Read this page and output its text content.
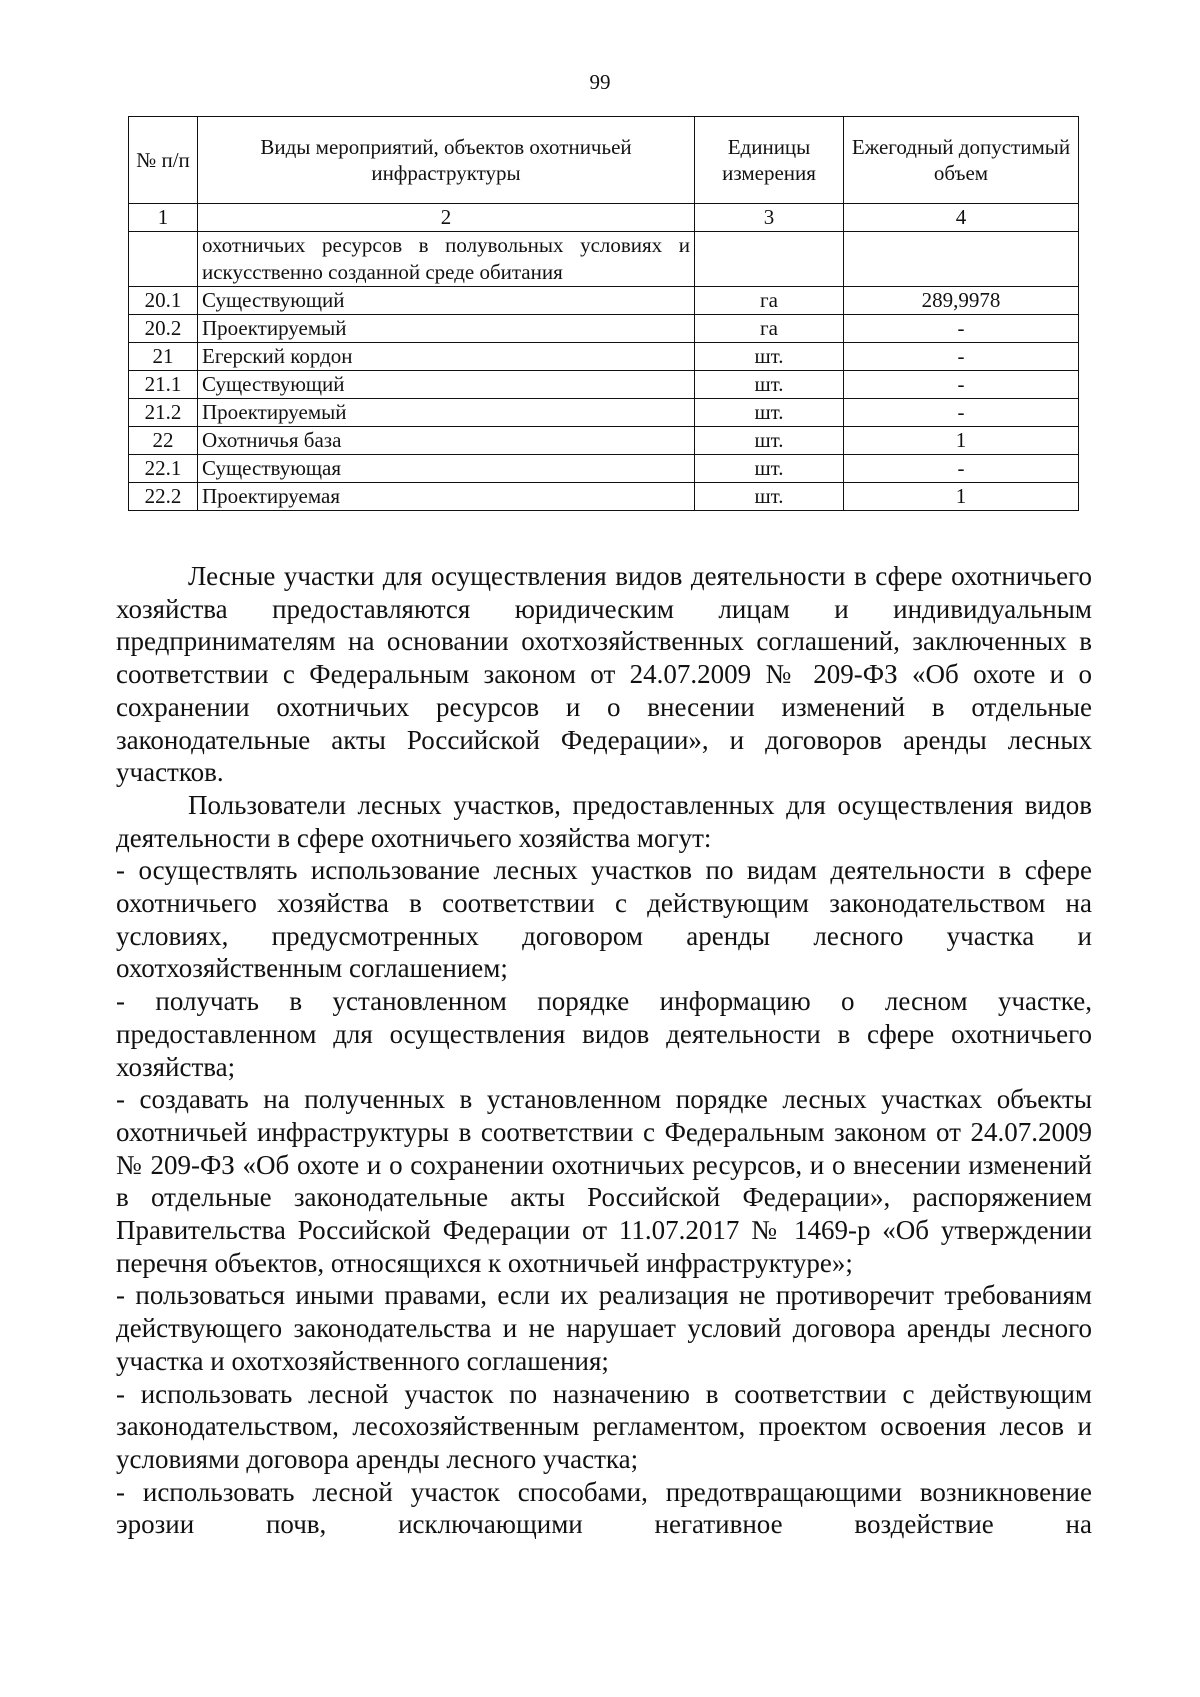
99
№ п/п	Виды мероприятий, объектов охотничьей инфраструктуры	Единицы измерения	Ежегодный допустимый объем
1	2	3	4

	охотничьих ресурсов в полувольных условиях и
искусственно созданной среде обитания		

20.1	Существующий	га	289,9978
20.2	Проектируемый	га	-
21	Егерский кордон	шт.	-
21.1	Существующий	шт.	-
21.2	Проектируемый	шт.	-
22	Охотничья база	шт.	1
22.1	Существующая	шт.	-
22.2	Проектируемая	шт.	1

Лесные участки для осуществления видов деятельности в сфере охотничьего хозяйства предоставляются юридическим лицам и индивидуальным предпринимателям на основании охотхозяйственных соглашений, заключенных в соответствии с Федеральным законом от 24.07.2009 № 209-ФЗ «Об охоте и о сохранении охотничьих ресурсов и о внесении изменений в отдельные законодательные акты Российской Федерации», и договоров аренды лесных участков.

Пользователи лесных участков, предоставленных для осуществления видов деятельности в сфере охотничьего хозяйства могут:

- осуществлять использование лесных участков по видам деятельности в сфере охотничьего хозяйства в соответствии с действующим законодательством на условиях, предусмотренных договором аренды лесного участка и охотхозяйственным соглашением;

- получать в установленном порядке информацию о лесном участке, предоставленном для осуществления видов деятельности в сфере охотничьего хозяйства;

- создавать на полученных в установленном порядке лесных участках объекты охотничьей инфраструктуры в соответствии с Федеральным законом от 24.07.2009 № 209-ФЗ «Об охоте и о сохранении охотничьих ресурсов, и о внесении изменений в отдельные законодательные акты Российской Федерации», распоряжением Правительства Российской Федерации от 11.07.2017 № 1469-р «Об утверждении перечня объектов, относящихся к охотничьей инфраструктуре»;

- пользоваться иными правами, если их реализация не противоречит требованиям действующего законодательства и не нарушает условий договора аренды лесного участка и охотхозяйственного соглашения;

- использовать лесной участок по назначению в соответствии с действующим законодательством, лесохозяйственным регламентом, проектом освоения лесов и условиями договора аренды лесного участка;

- использовать лесной участок способами, предотвращающими возникновение эрозии почв, исключающими негативное воздействие на
